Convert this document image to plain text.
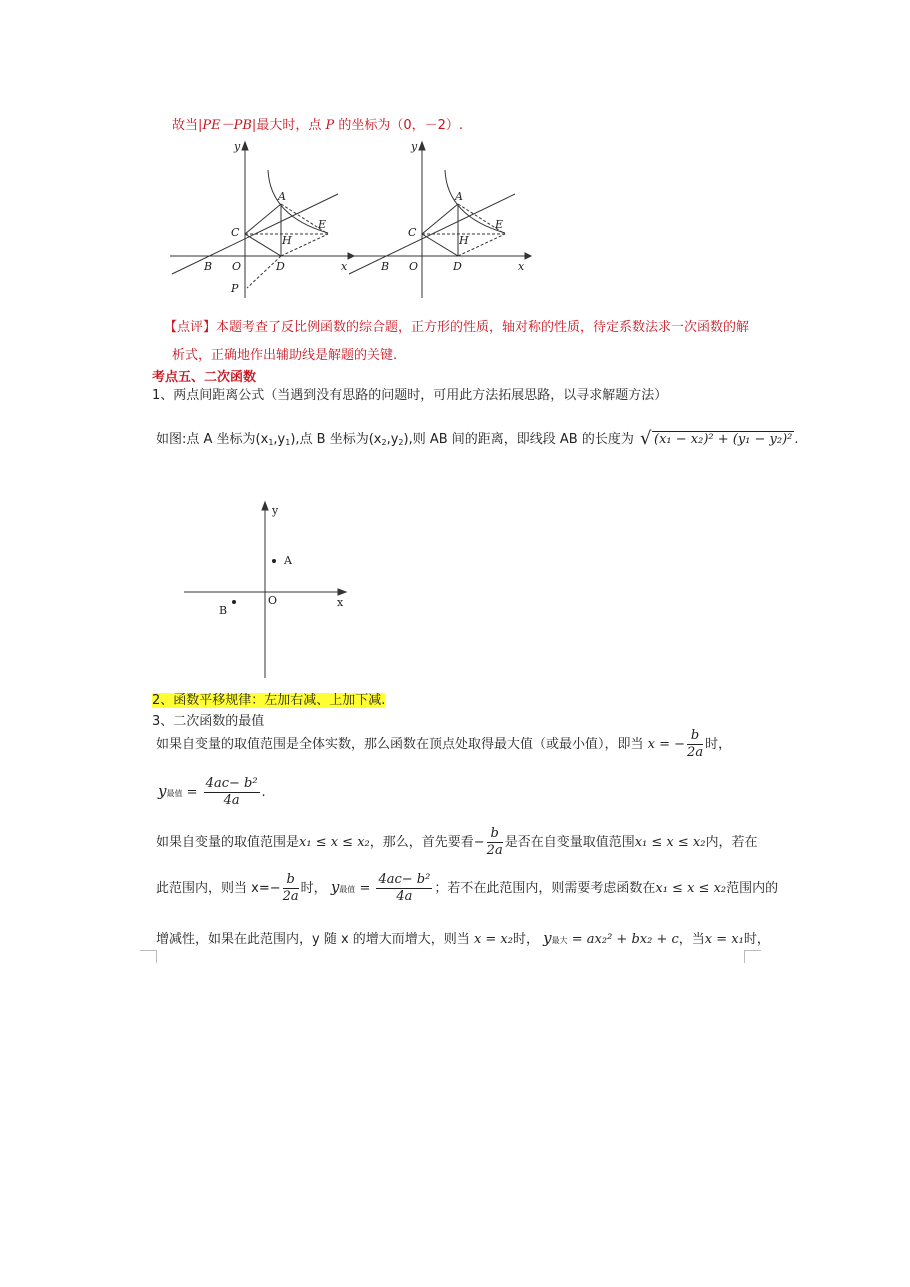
故当|PE－PB|最大时，点 P 的坐标为（0，－2）.
y
x
A
C
E
H
B O	D
P
y
x
A
C
E
H
B O	D
【点评】本题考查了反比例函数的综合题，正方形的性质，轴对称的性质，待定系数法求一次函数的解
析式，正确地作出辅助线是解题的关键.
考点五、二次函数
1、两点间距离公式（当遇到没有思路的问题时，可用此方法拓展思路，以寻求解题方法）
如图:点 A 坐标为$(x_1,y_1)$,点 B 坐标为$(x_2,y_2)$,则 AB 间的距离，即线段 AB 的长度为 √ (x₁ − x₂)² + (y₁ − y₂)² .
y
x
A
B
O
2、函数平移规律：左加右减、上加下减.
3、二次函数的最值
如果自变量的取值范围是全体实数，那么函数在顶点处取得最大值（或最小值），即当 x = − $\frac{b}{2a}$ 时，
y最值 = $\frac{\text{4ac− b²}}{4a}$ .
如果自变量的取值范围是x₁ ≤ x ≤ x₂，那么，首先要看− $\frac{b}{2a}$ 是否在自变量取值范围x₁ ≤ x ≤ x₂内，若在
此范围内，则当 $x=- \frac{b}{2a}$ 时， y最值 = $\frac{\text{4ac− b²}}{4a}$ ；若不在此范围内，则需要考虑函数在x₁ ≤ x ≤ x₂范围内的
增减性，如果在此范围内，y 随 x 的增大而增大，则当 x = x₂时， y最大 = ax₂² + bx₂ + c，当x = x₁时，
